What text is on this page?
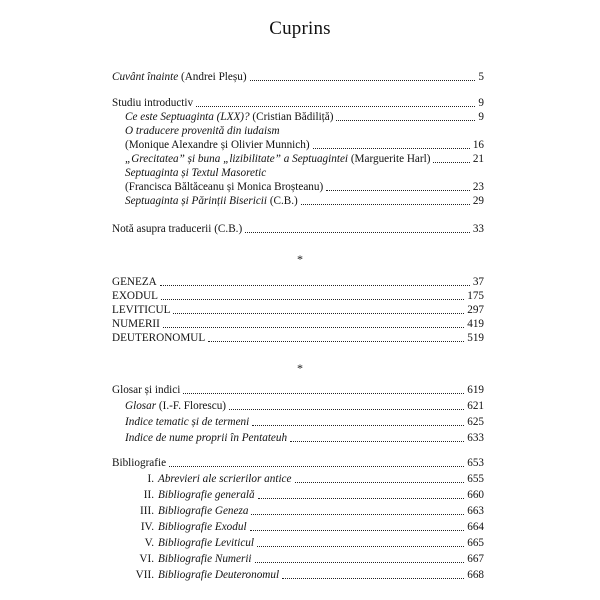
Cuprins
Cuvânt înainte (Andrei Pleșu)	5
Studiu introductiv	9
Ce este Septuaginta (LXX)? (Cristian Bădiliță)	9
O traducere provenită din iudaism
(Monique Alexandre și Olivier Munnich)	16
„Grecitatea” și buna „lizibilitate” a Septuagintei (Marguerite Harl)	21
Septuaginta și Textul Masoretic
(Francisca Băltăceanu și Monica Broșteanu)	23
Septuaginta și Părinții Bisericii (C.B.)	29
Notă asupra traducerii (C.B.)	33
*
GENEZA	37
EXODUL	175
LEVITICUL	297
NUMERII	419
DEUTERONOMUL	519
*
Glosar și indici	619
Glosar (I.-F. Florescu)	621
Indice tematic și de termeni	625
Indice de nume proprii în Pentateuh	633
Bibliografie	653
I. Abrevieri ale scrierilor antice	655
II. Bibliografie generală	660
III. Bibliografie Geneza	663
IV. Bibliografie Exodul	664
V. Bibliografie Leviticul	665
VI. Bibliografie Numerii	667
VII. Bibliografie Deuteronomul	668
